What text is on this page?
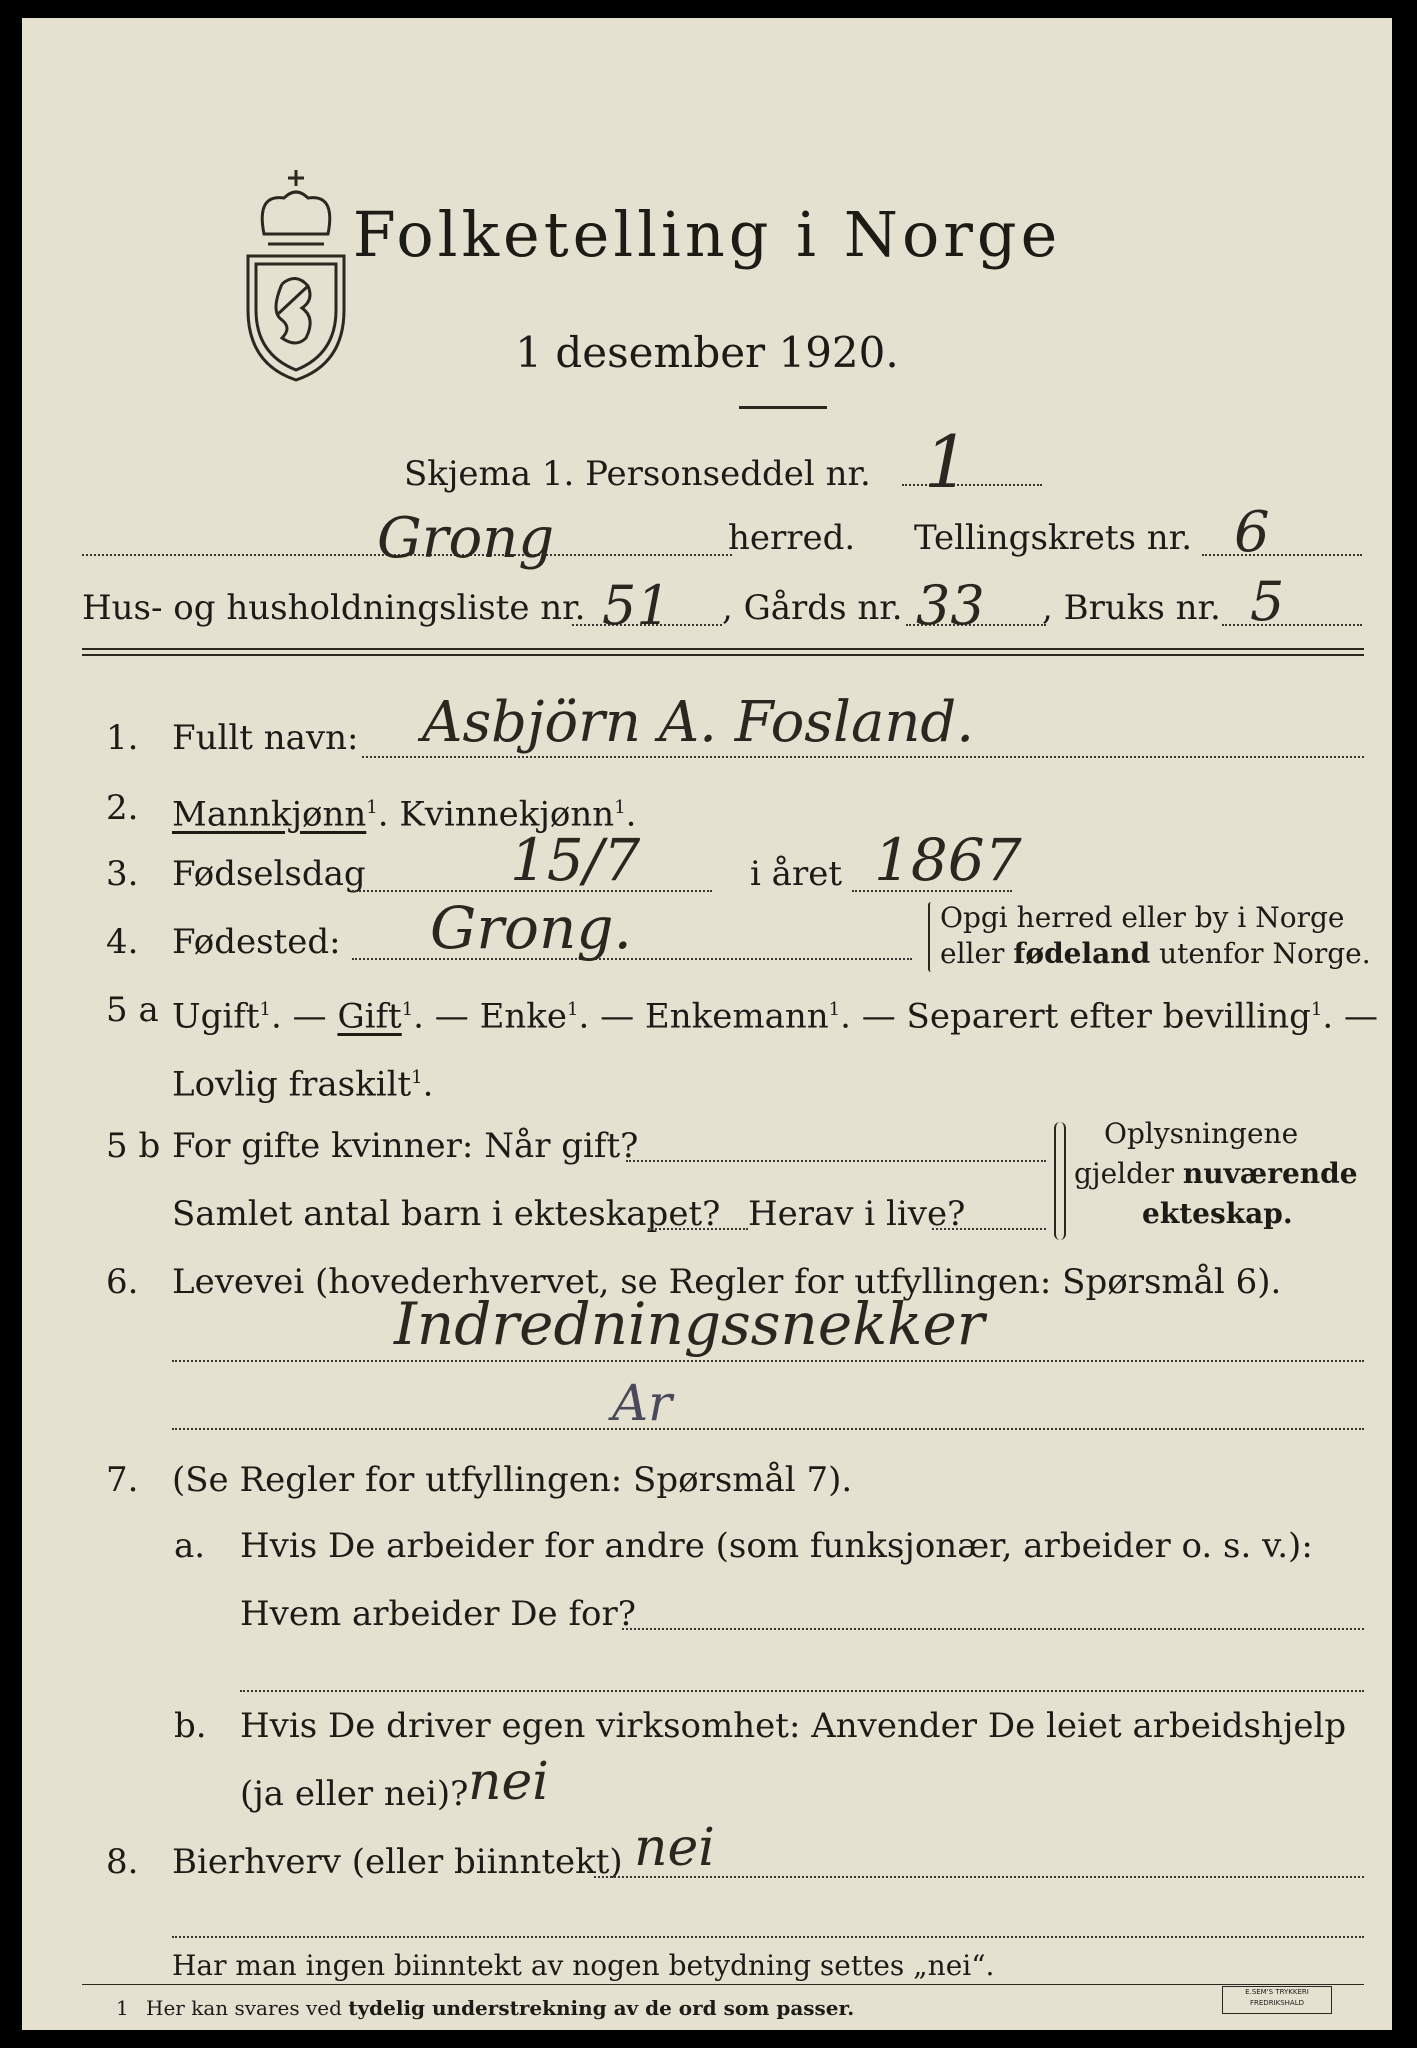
Folketelling i Norge
1 desember 1920.
Skjema 1. Personseddel nr. 1
Grong	herred. Tellingskrets nr. 6
Hus- og husholdningsliste nr. 51 , Gårds nr. 33 , Bruks nr. 5
1. Fullt navn: Asbjörn A. Fosland.
2. Mannkjønn$^1$. Kvinnekjønn$^1$.
3. Fødselsdag 15/7	i året 1867
4. Fødested: Grong.	Opgi herred eller by i Norge
eller fødeland utenfor Norge.
5 a Ugift$^1$. — Gift$^1$. — Enke$^1$. — Enkemann$^1$. — Separert efter bevilling$^1$. —
Lovlig fraskilt$^1$.
5 b For gifte kvinner: Når gift?
Samlet antal barn i ekteskapet? Herav i live?
Oplysningene
gjelder nuværende
ekteskap.
6. Levevei (hovederhvervet, se Regler for utfyllingen: Spørsmål 6).
Indredningssnekker
Ar
7. (Se Regler for utfyllingen: Spørsmål 7).
a. Hvis De arbeider for andre (som funksjonær, arbeider o. s. v.):
Hvem arbeider De for?
b. Hvis De driver egen virksomhet: Anvender De leiet arbeidshjelp
(ja eller nei)? nei
8. Bierhverv (eller biinntekt) nei
Har man ingen biinntekt av nogen betydning settes „nei“.
1 Her kan svares ved tydelig understrekning av de ord som passer.
E.SEM'S TRYKKERI
FREDRIKSHALD
